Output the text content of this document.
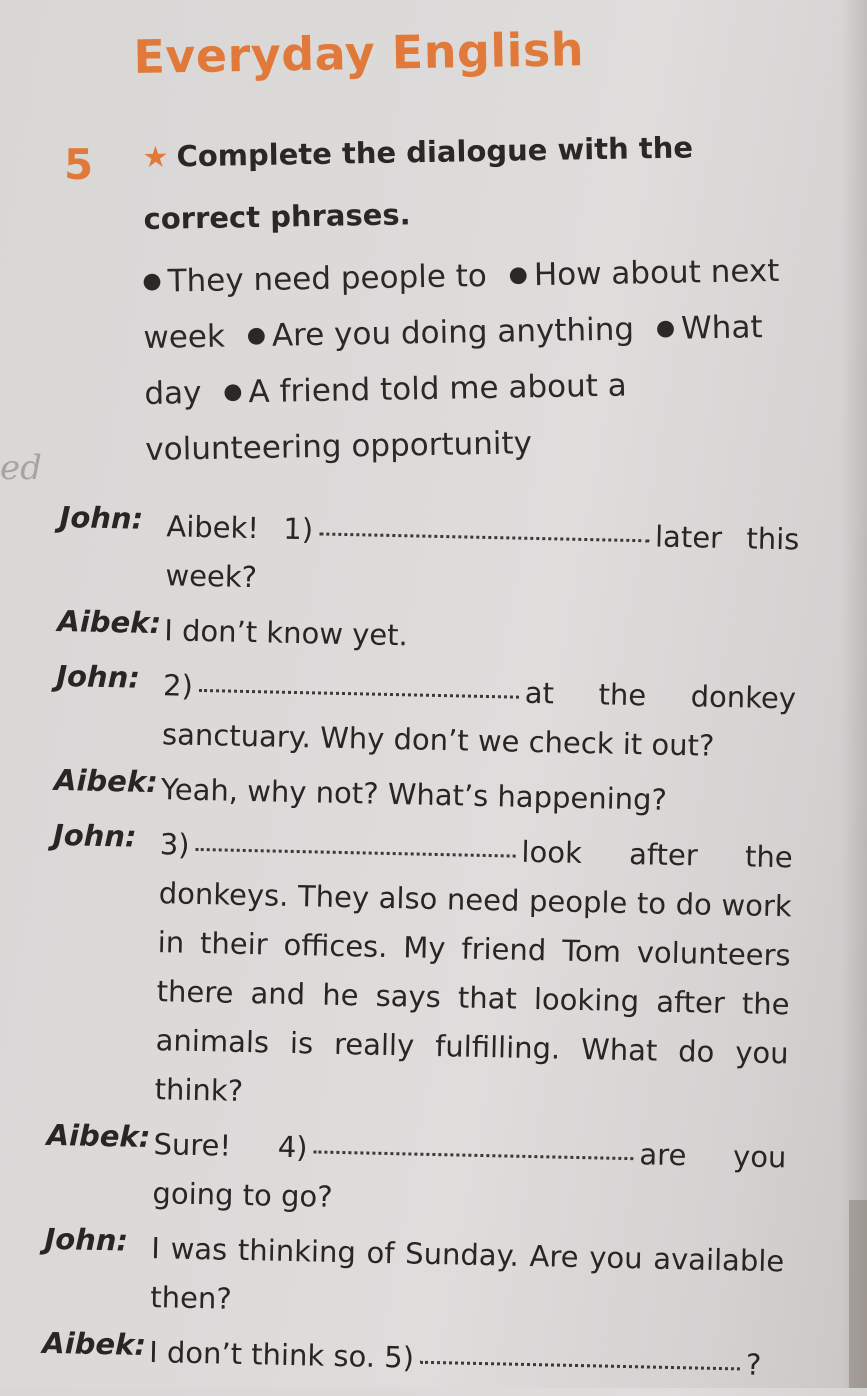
Everyday English
5 ★ Complete the dialogue with the correct phrases.
● They need people to ● How about next week ● Are you doing anything ● What day ● A friend told me about a volunteering opportunity
ed
John: Aibek! 1)	later this week?
Aibek: I don’t know yet.
John: 2)	at the donkey sanctuary. Why don’t we check it out?
Aibek: Yeah, why not? What’s happening?
John: 3)	look after the donkeys. They also need people to do work in their offices. My friend Tom volunteers there and he says that looking after the animals is really fulfilling. What do you think?
Aibek: Sure! 4)	are you going to go?
John: I was thinking of Sunday. Are you available then?
Aibek: I don’t think so. 5)	?
